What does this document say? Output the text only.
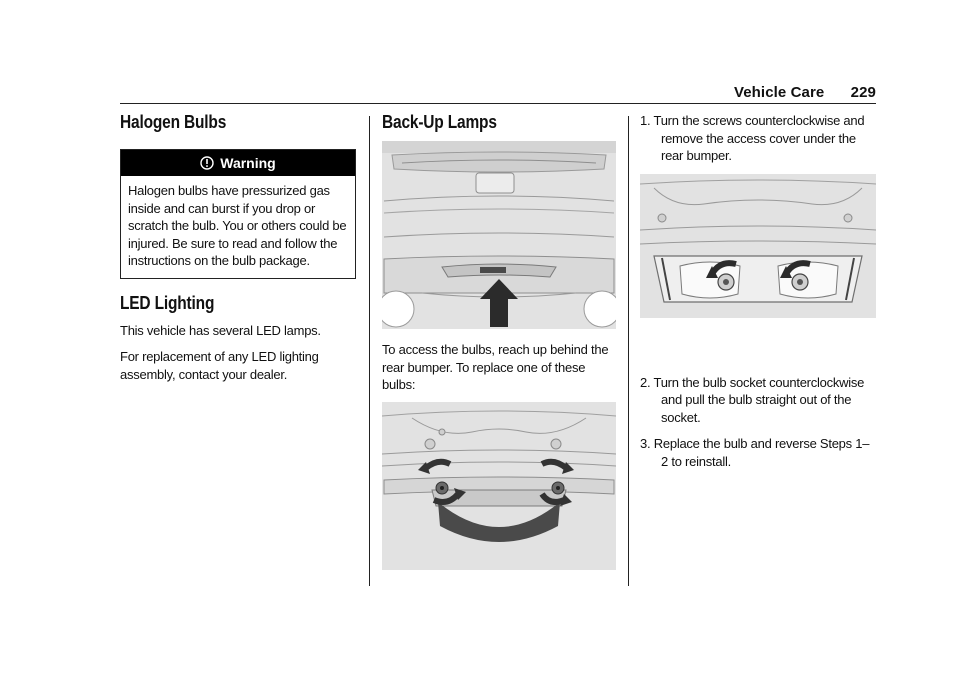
Vehicle Care 229
Halogen Bulbs
Warning
Halogen bulbs have pressurized gas inside and can burst if you drop or scratch the bulb. You or others could be injured. Be sure to read and follow the instructions on the bulb package.
LED Lighting
This vehicle has several LED lamps.
For replacement of any LED lighting assembly, contact your dealer.
Back-Up Lamps
To access the bulbs, reach up behind the rear bumper. To replace one of these bulbs:
1. Turn the screws counterclockwise and remove the access cover under the rear bumper.
2. Turn the bulb socket counterclockwise and pull the bulb straight out of the socket.
3. Replace the bulb and reverse Steps 1–2 to reinstall.
